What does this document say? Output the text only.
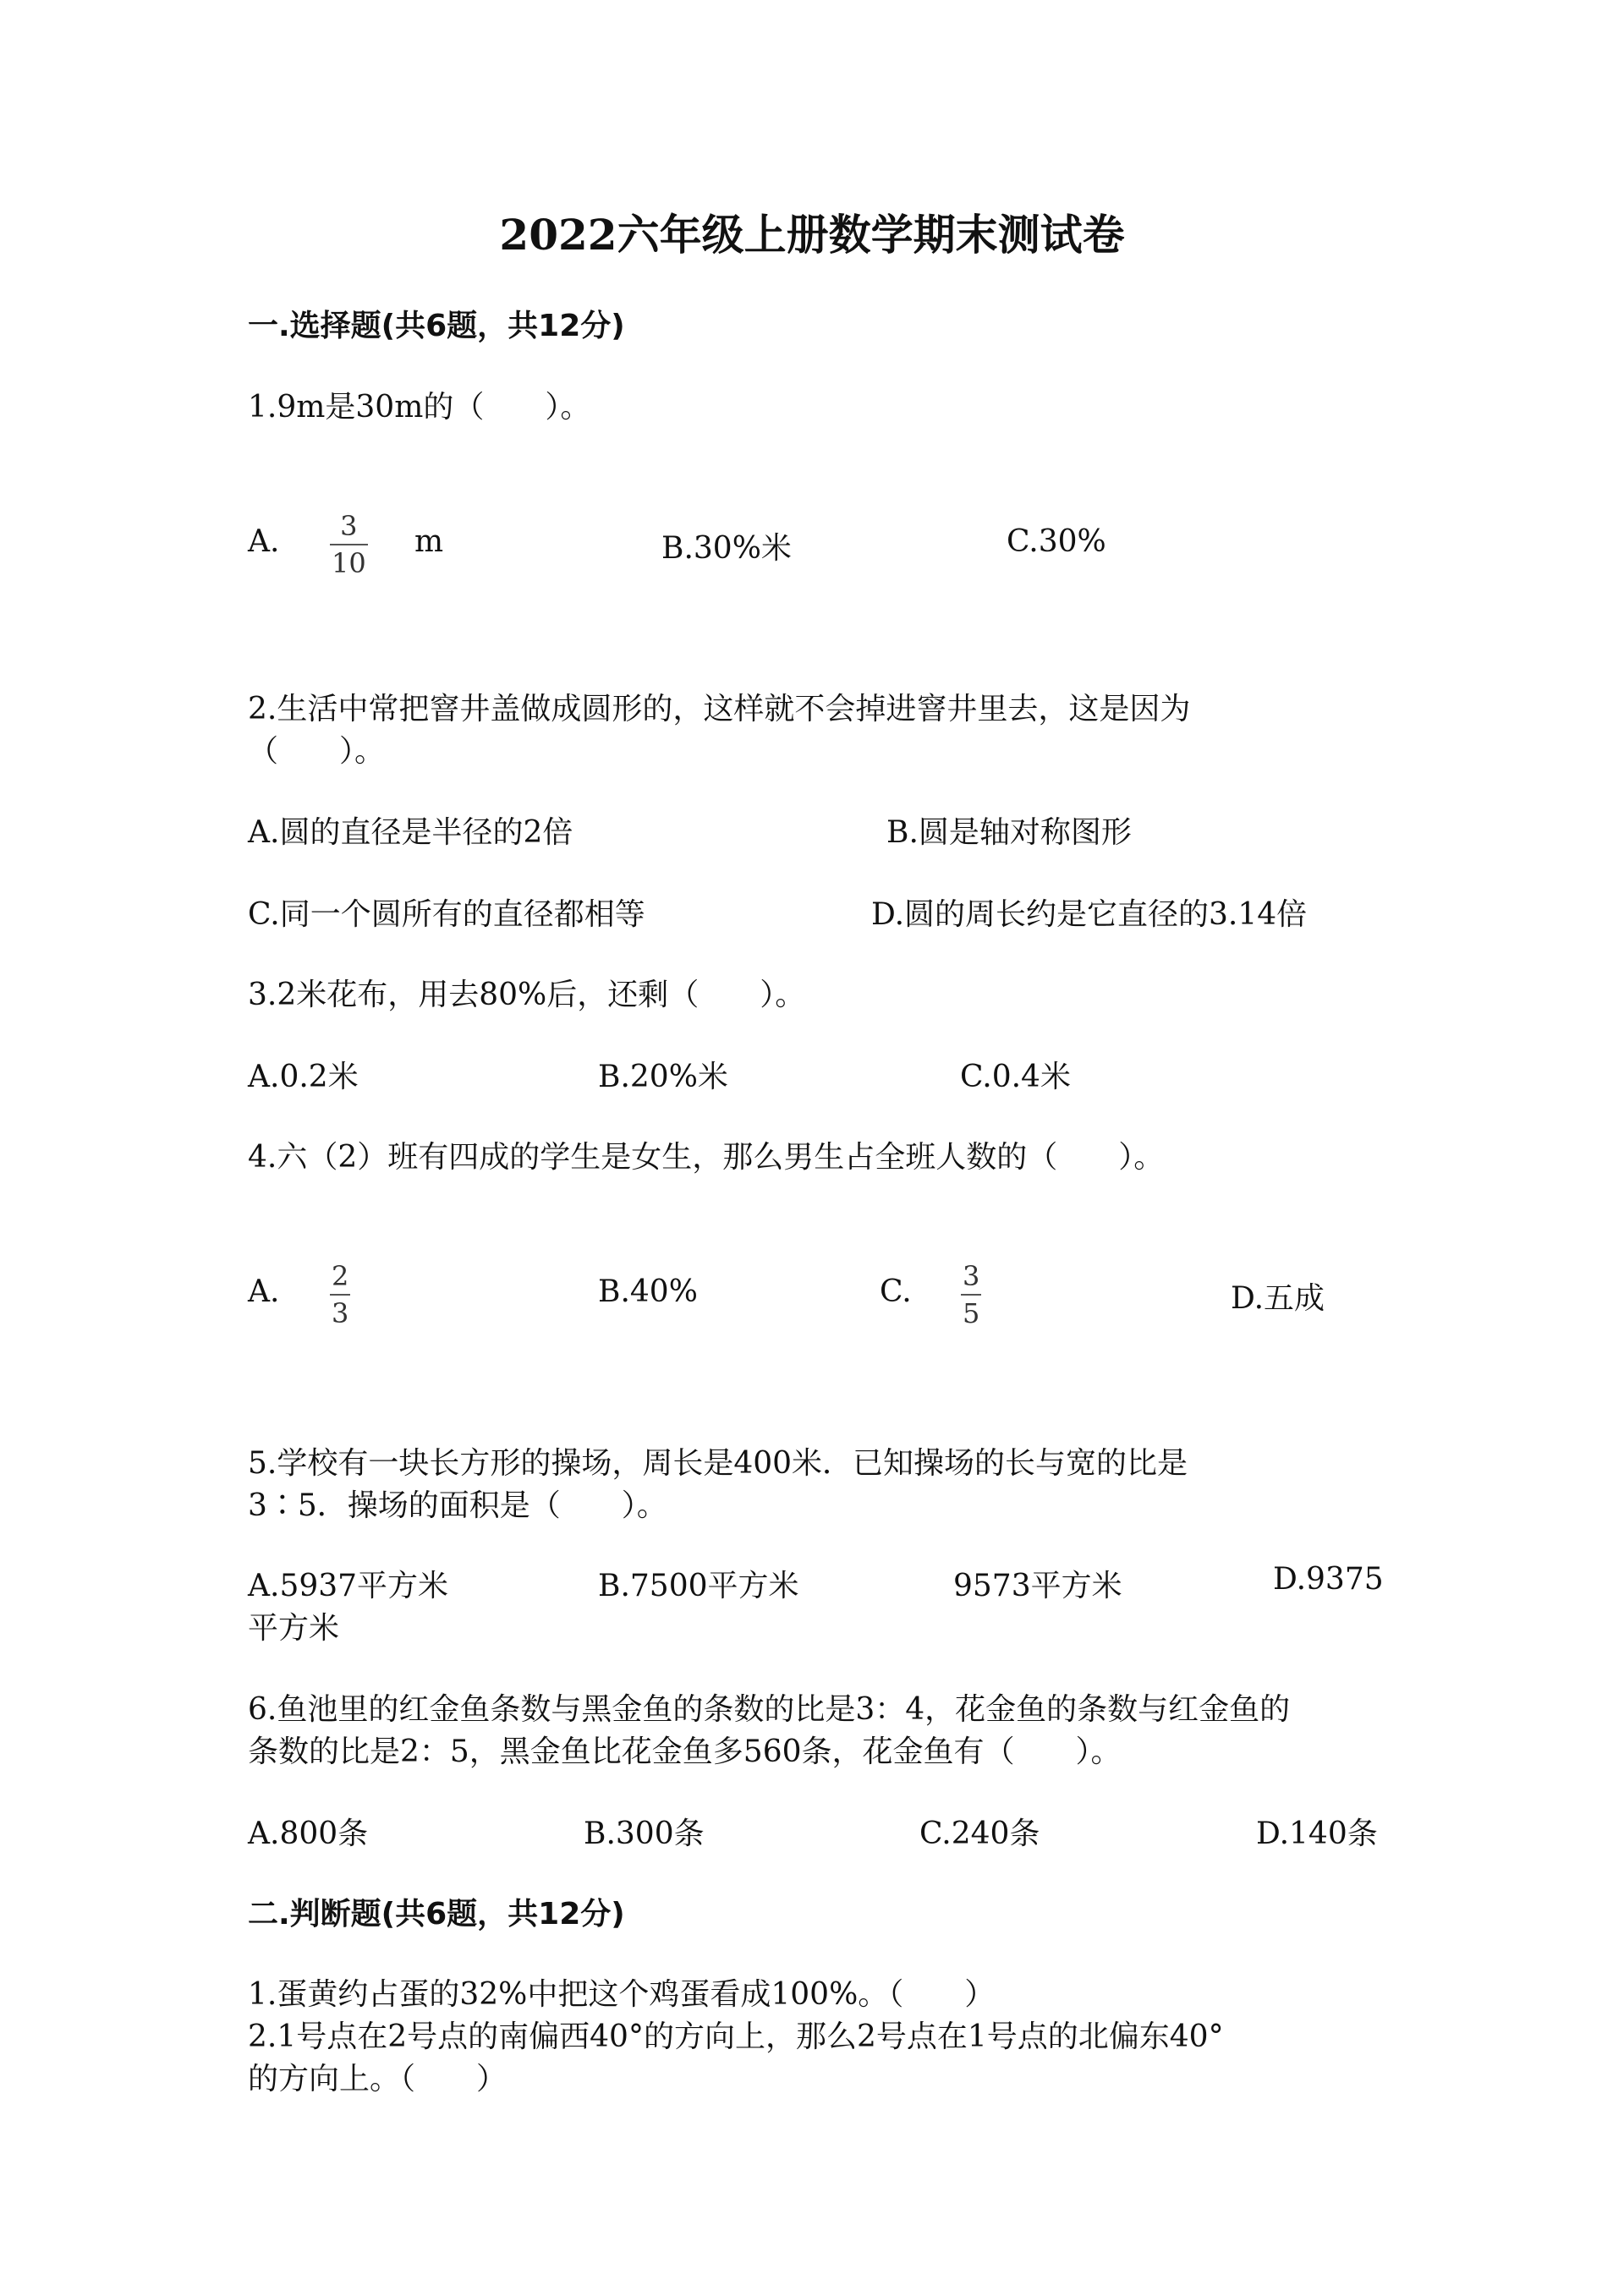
2022六年级上册数学期末测试卷
一.选择题(共6题，共12分)
1.9m是30m的（　　）。
A. 3
10
m	B.30%米	C.30%
2.生活中常把窨井盖做成圆形的，这样就不会掉进窨井里去，这是因为
（　　）。
A.圆的直径是半径的2倍	B.圆是轴对称图形
C.同一个圆所有的直径都相等	D.圆的周长约是它直径的3.14倍
3.2米花布，用去80%后，还剩（　　）。
A.0.2米	B.20%米	C.0.4米
4.六（2）班有四成的学生是女生，那么男生占全班人数的（　　）。
A. 2
3
B.40%	C. 3
5	D.五成
5.学校有一块长方形的操场，周长是400米．已知操场的长与宽的比是
3∶5．操场的面积是（　　）。
A.5937平方米	B.7500平方米	9573平方米	D.9375
平方米
6.鱼池里的红金鱼条数与黑金鱼的条数的比是3：4，花金鱼的条数与红金鱼的
条数的比是2：5，黑金鱼比花金鱼多560条，花金鱼有（　　）。
A.800条	B.300条	C.240条	D.140条
二.判断题(共6题，共12分)
1.蛋黄约占蛋的32%中把这个鸡蛋看成100%。（　　）
2.1号点在2号点的南偏西40°的方向上，那么2号点在1号点的北偏东40°
的方向上。（　　）
